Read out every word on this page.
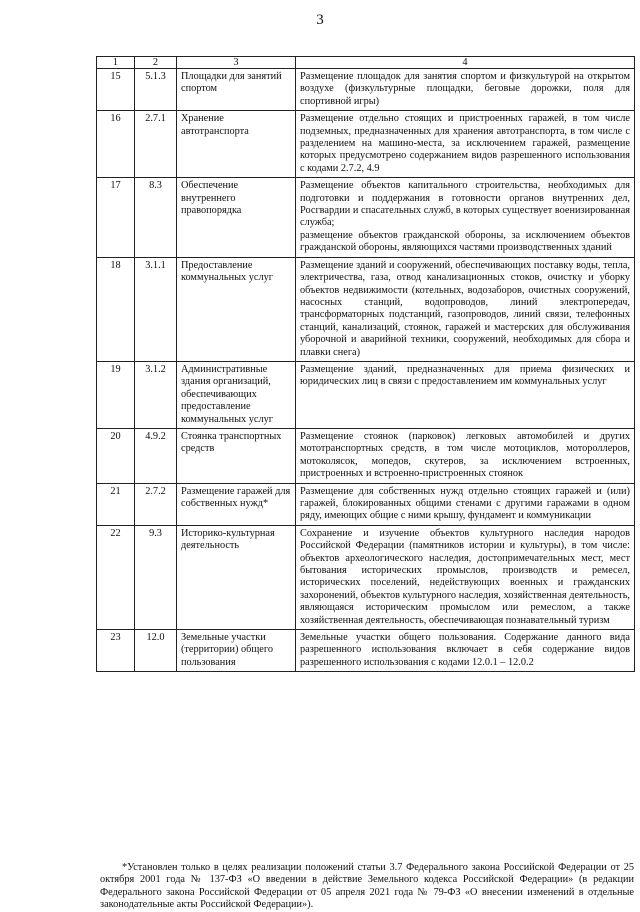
3
1	2	3	4
15	5.1.3	Площадки для занятий спортом	Размещение площадок для занятия спортом и физкультурой на открытом воздухе (физкультурные площадки, беговые дорожки, поля для спортивной игры)
16	2.7.1	Хранение автотранспорта	Размещение отдельно стоящих и пристроенных гаражей, в том числе подземных, предназначенных для хранения автотранспорта, в том числе с разделением на машино-места, за исключением гаражей, размещение которых предусмотрено содержанием видов разрешенного использования с кодами 2.7.2, 4.9
17	8.3	Обеспечение внутреннего правопорядка	Размещение объектов капитального строительства, необходимых для подготовки и поддержания в готовности органов внутренних дел, Росгвардии и спасательных служб, в которых существует военизированная служба;
размещение объектов гражданской обороны, за исключением объектов гражданской обороны, являющихся частями производственных зданий
18	3.1.1	Предоставление коммунальных услуг	Размещение зданий и сооружений, обеспечивающих поставку воды, тепла, электричества, газа, отвод канализационных стоков, очистку и уборку объектов недвижимости (котельных, водозаборов, очистных сооружений, насосных станций, водопроводов, линий электропередач, трансформаторных подстанций, газопроводов, линий связи, телефонных станций, канализаций, стоянок, гаражей и мастерских для обслуживания уборочной и аварийной техники, сооружений, необходимых для сбора и плавки снега)
19	3.1.2	Административные здания организаций, обеспечивающих предоставление коммунальных услуг	Размещение зданий, предназначенных для приема физических и юридических лиц в связи с предоставлением им коммунальных услуг
20	4.9.2	Стоянка транспортных средств	Размещение стоянок (парковок) легковых автомобилей и других мототранспортных средств, в том числе мотоциклов, мотороллеров, мотоколясок, мопедов, скутеров, за исключением встроенных, пристроенных и встроенно-пристроенных стоянок
21	2.7.2	Размещение гаражей для собственных нужд*	Размещение для собственных нужд отдельно стоящих гаражей и (или) гаражей, блокированных общими стенами с другими гаражами в одном ряду, имеющих общие с ними крышу, фундамент и коммуникации
22	9.3	Историко-культурная деятельность	Сохранение и изучение объектов культурного наследия народов Российской Федерации (памятников истории и культуры), в том числе: объектов археологического наследия, достопримечательных мест, мест бытования исторических промыслов, производств и ремесел, исторических поселений, недействующих военных и гражданских захоронений, объектов культурного наследия, хозяйственная деятельность, являющаяся историческим промыслом или ремеслом, а также хозяйственная деятельность, обеспечивающая познавательный туризм
23	12.0	Земельные участки (территории) общего пользования	Земельные участки общего пользования. Содержание данного вида разрешенного использования включает в себя содержание видов разрешенного использования с кодами 12.0.1 – 12.0.2

*Установлен только в целях реализации положений статьи 3.7 Федерального закона Российской Федерации от 25 октября 2001 года № 137-ФЗ «О введении в действие Земельного кодекса Российской Федерации» (в редакции Федерального закона Российской Федерации от 05 апреля 2021 года № 79-ФЗ «О внесении изменений в отдельные законодательные акты Российской Федерации»).
